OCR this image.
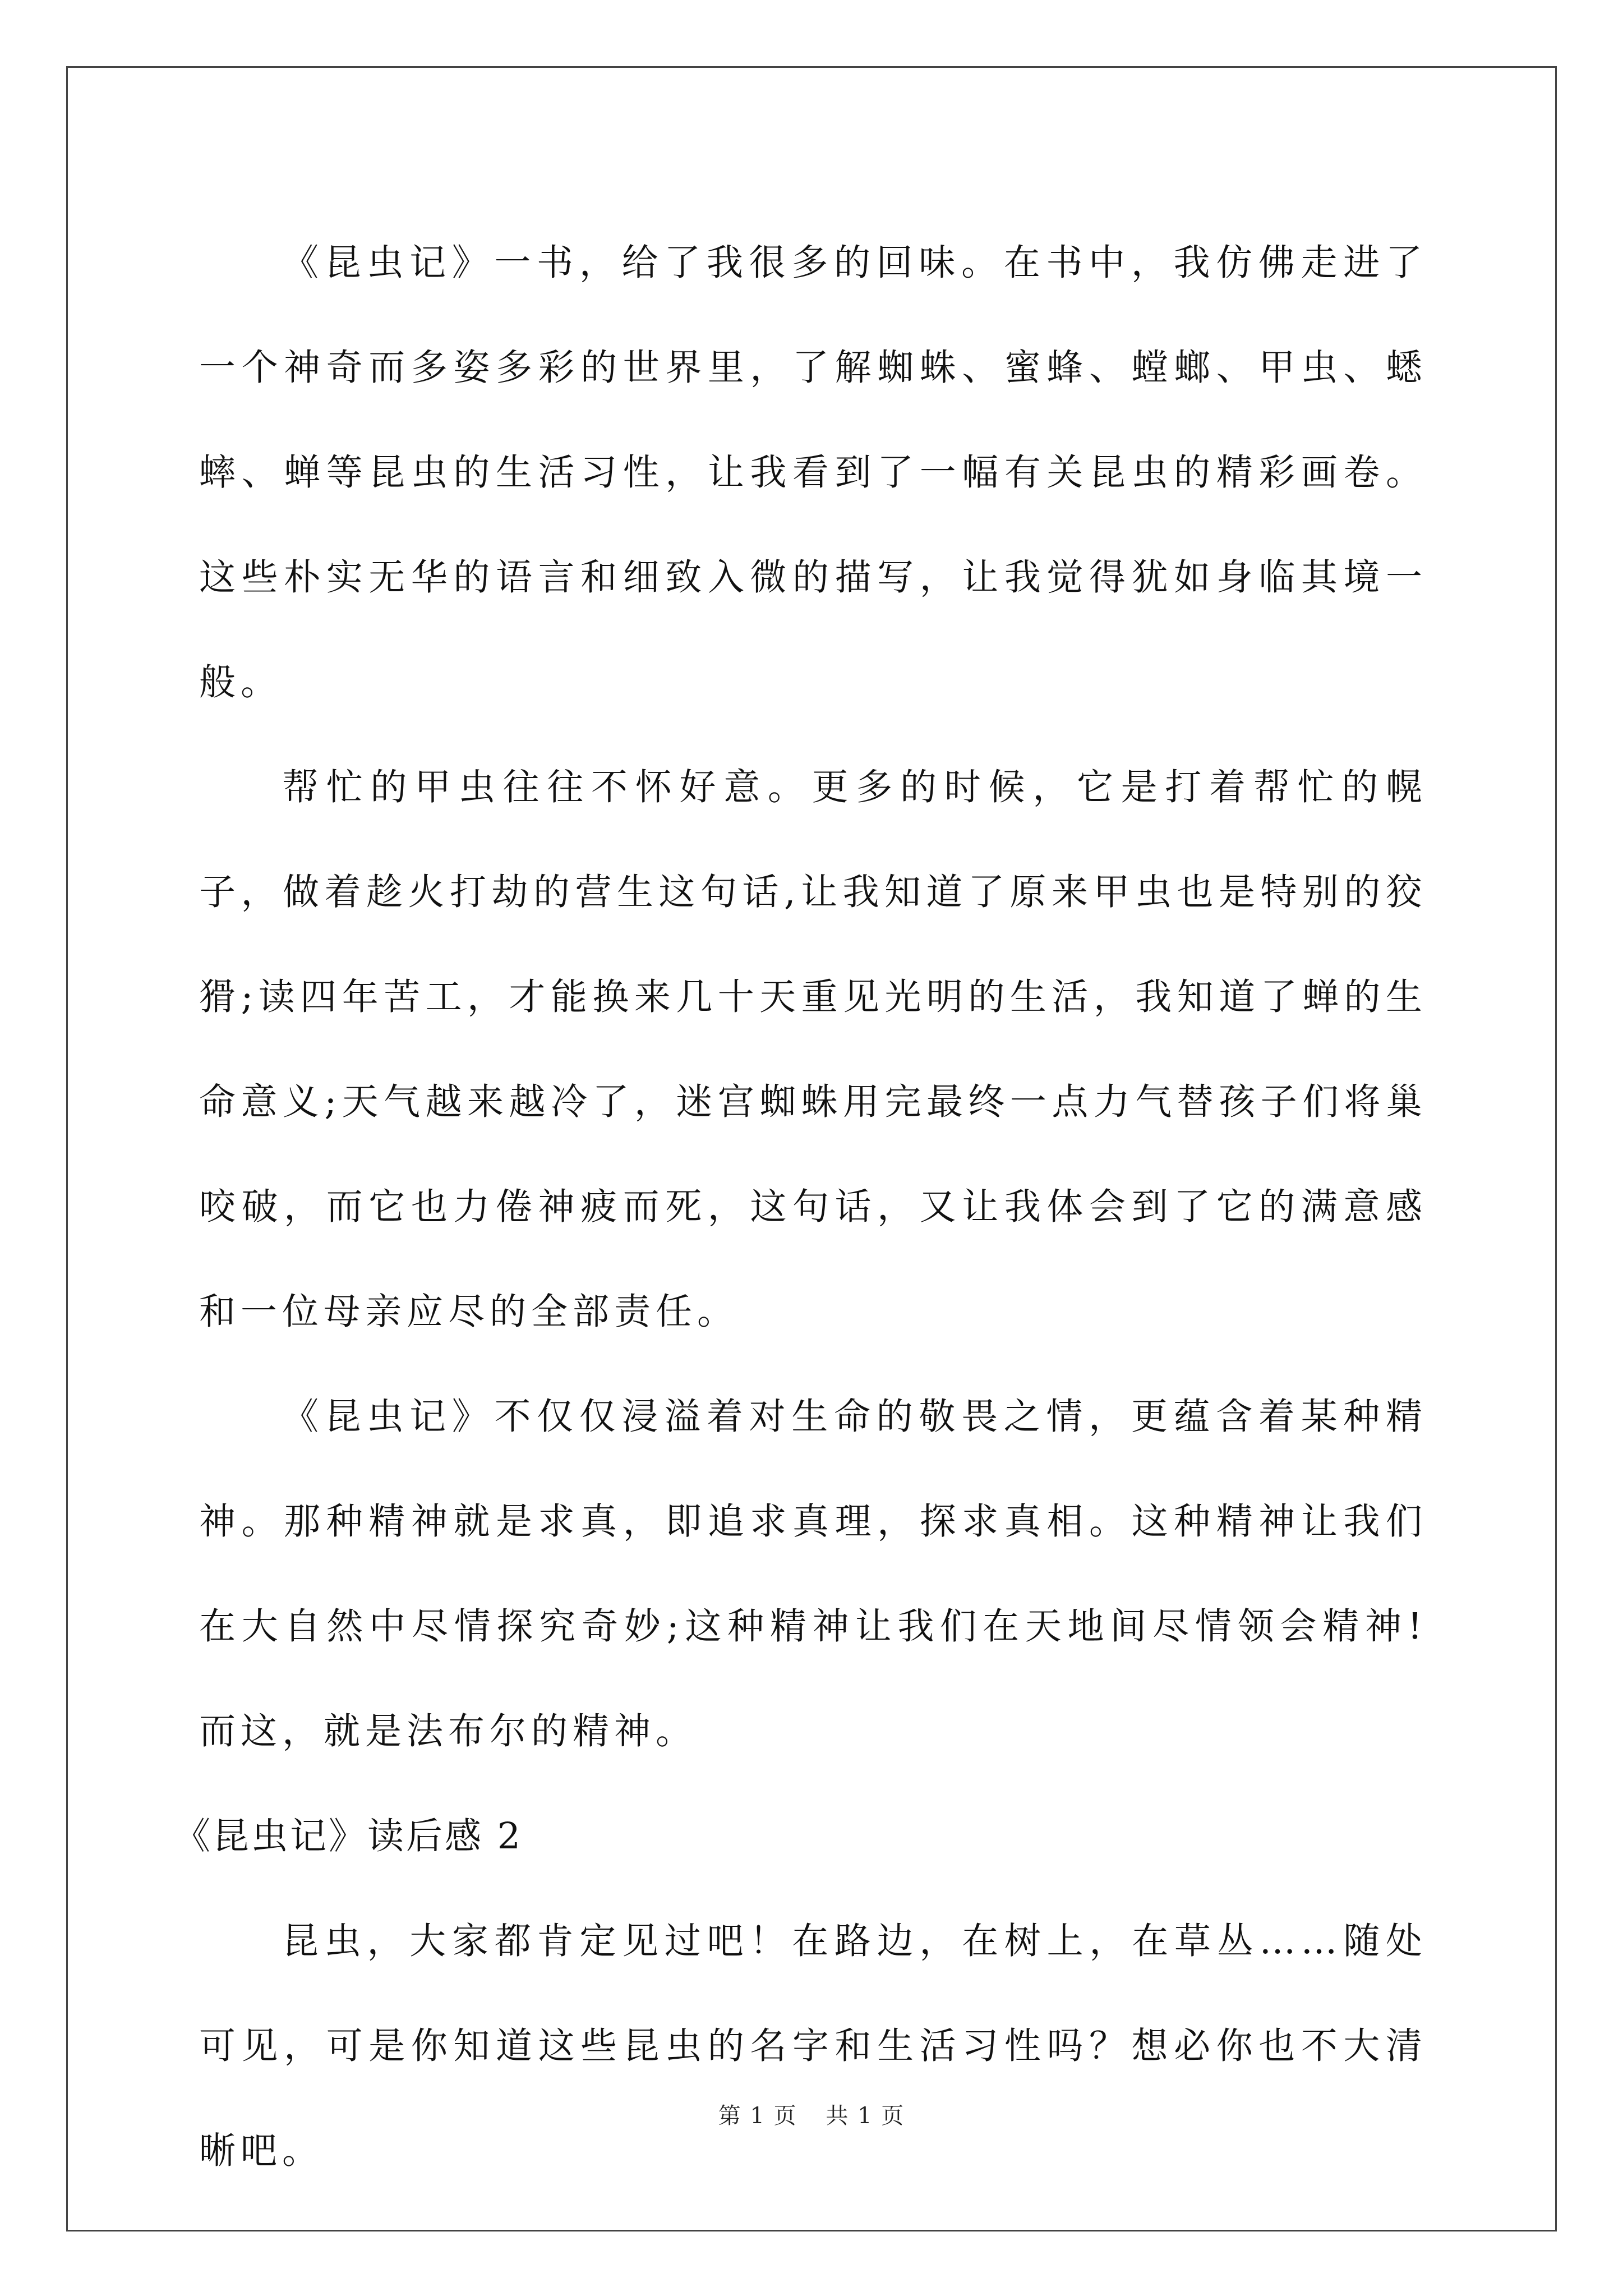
《昆虫记》一书，给了我很多的回味。在书中，我仿佛走进了一个神奇而多姿多彩的世界里，了解蜘蛛、蜜蜂、螳螂、甲虫、蟋蟀、蝉等昆虫的生活习性，让我看到了一幅有关昆虫的精彩画卷。这些朴实无华的语言和细致入微的描写，让我觉得犹如身临其境一般。

帮忙的甲虫往往不怀好意。更多的时候，它是打着帮忙的幌子，做着趁火打劫的营生这句话,让我知道了原来甲虫也是特别的狡猾;读四年苦工，才能换来几十天重见光明的生活，我知道了蝉的生命意义;天气越来越冷了，迷宫蜘蛛用完最终一点力气替孩子们将巢咬破，而它也力倦神疲而死，这句话，又让我体会到了它的满意感和一位母亲应尽的全部责任。

《昆虫记》不仅仅浸溢着对生命的敬畏之情，更蕴含着某种精神。那种精神就是求真，即追求真理，探求真相。这种精神让我们在大自然中尽情探究奇妙;这种精神让我们在天地间尽情领会精神!而这，就是法布尔的精神。

《昆虫记》读后感 2

昆虫，大家都肯定见过吧！在路边，在树上，在草丛……随处可见，可是你知道这些昆虫的名字和生活习性吗？想必你也不大清晰吧。

第 1 页 共 1 页
